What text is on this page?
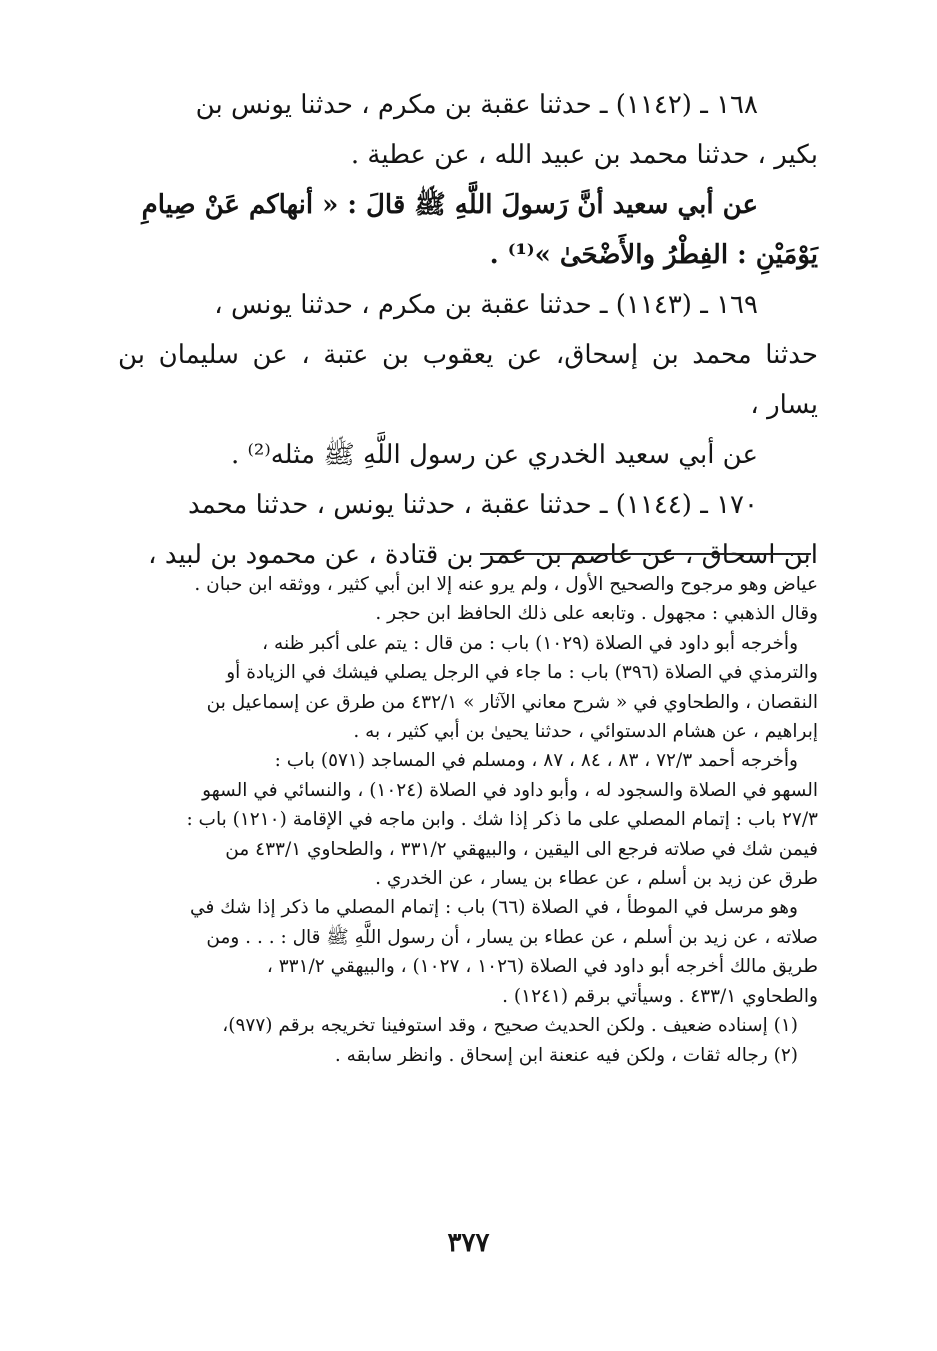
١٦٨ ـ (١١٤٢) ـ حدثنا عقبة بن مكرم ، حدثنا يونس بن

بكير ، حدثنا محمد بن عبيد الله ، عن عطية .

عن أبي سعيد أنَّ رَسولَ اللَّهِ ﷺ قالَ : « أنهاكم عَنْ صِيامِ

يَوْمَيْنِ : الفِطْرُ والأَضْحَىٰ »⁽¹⁾ .

١٦٩ ـ (١١٤٣) ـ حدثنا عقبة بن مكرم ، حدثنا يونس ،

حدثنا محمد بن إسحاق، عن يعقوب بن عتبة ، عن سليمان بن يسار ،

عن أبي سعيد الخدري عن رسول اللَّهِ ﷺ مثله⁽²⁾ .

١٧٠ ـ (١١٤٤) ـ حدثنا عقبة ، حدثنا يونس ، حدثنا محمد

ابن اسحاق ، عن عاصم بن عمر بن قتادة ، عن محمود بن لبيد ،

عياض وهو مرجوح والصحيح الأول ، ولم يرو عنه إلا ابن أبي كثير ، ووثقه ابن حبان .

وقال الذهبي : مجهول . وتابعه على ذلك الحافظ ابن حجر .

وأخرجه أبو داود في الصلاة (١٠٢٩) باب : من قال : يتم على أكبر ظنه ،

والترمذي في الصلاة (٣٩٦) باب : ما جاء في الرجل يصلي فيشك في الزيادة أو

النقصان ، والطحاوي في « شرح معاني الآثار » ٤٣٢/١ من طرق عن إسماعيل بن

إبراهيم ، عن هشام الدستوائي ، حدثنا يحيىٰ بن أبي كثير ، به .

وأخرجه أحمد ٧٢/٣ ، ٨٣ ، ٨٤ ، ٨٧ ، ومسلم في المساجد (٥٧١) باب :

السهو في الصلاة والسجود له ، وأبو داود في الصلاة (١٠٢٤) ، والنسائي في السهو

٢٧/٣ باب : إتمام المصلي على ما ذكر إذا شك . وابن ماجه في الإقامة (١٢١٠) باب :

فيمن شك في صلاته فرجع الى اليقين ، والبيهقي ٣٣١/٢ ، والطحاوي ٤٣٣/١ من

طرق عن زيد بن أسلم ، عن عطاء بن يسار ، عن الخدري .

وهو مرسل في الموطأ ، في الصلاة (٦٦) باب : إتمام المصلي ما ذكر إذا شك في

صلاته ، عن زيد بن أسلم ، عن عطاء بن يسار ، أن رسول اللَّهِ ﷺ قال : . . . ومن

طريق مالك أخرجه أبو داود في الصلاة (١٠٢٦ ، ١٠٢٧) ، والبيهقي ٣٣١/٢ ،

والطحاوي ٤٣٣/١ . وسيأتي برقم (١٢٤١) .

(١) إسناده ضعيف . ولكن الحديث صحيح ، وقد استوفينا تخريجه برقم (٩٧٧)،

(٢) رجاله ثقات ، ولكن فيه عنعنة ابن إسحاق . وانظر سابقه .

٣٧٧
